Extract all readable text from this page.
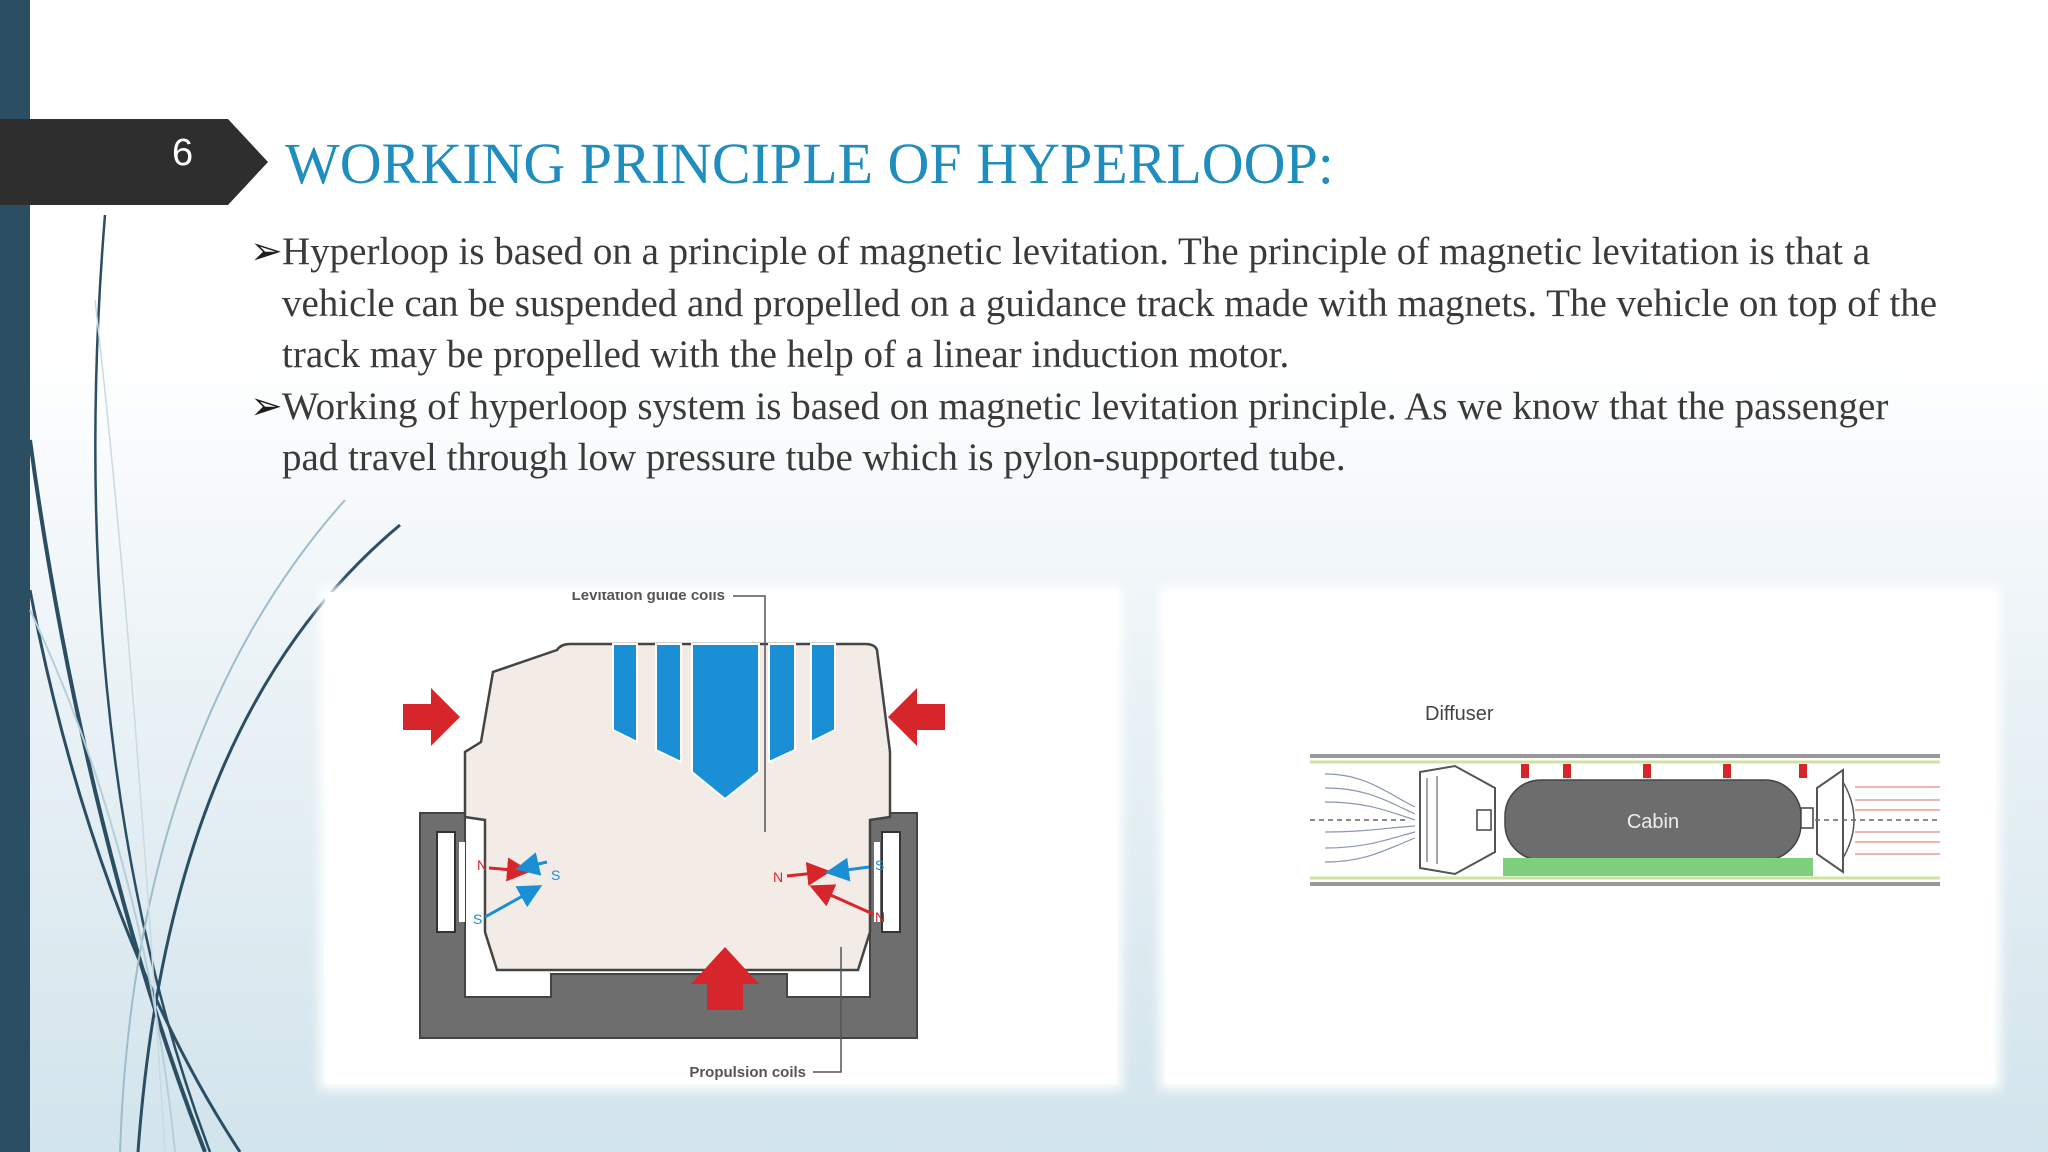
6	WORKING PRINCIPLE OF HYPERLOOP:
➢ Hyperloop is based on a principle of magnetic levitation. The principle of magnetic levitation is that a vehicle can be suspended and propelled on a guidance track made with magnets. The vehicle on top of the track may be propelled with the help of a linear induction motor.
➢ Working of hyperloop system is based on magnetic levitation principle. As we know that the passenger pad travel through low pressure tube which is pylon-supported tube.
N
S
S
S
N
N
Levitation guide coils
Propulsion coils
Cabin
Diffuser
